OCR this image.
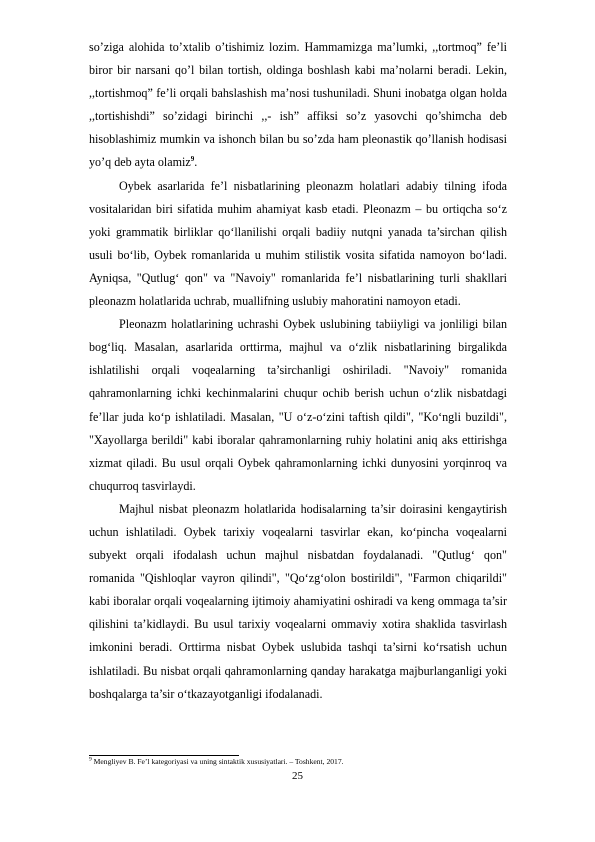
so’ziga alohida to’xtalib o’tishimiz lozim. Hammamizga ma’lumki, ,,tortmoq” fe’li biror bir narsani qo’l bilan tortish, oldinga boshlash kabi ma’nolarni beradi. Lekin, ,,tortishmoq” fe’li orqali bahslashish ma’nosi tushuniladi. Shuni inobatga olgan holda ,,tortishishdi” so’zidagi birinchi ,,- ish” affiksi so’z yasovchi qo’shimcha deb hisoblashimiz mumkin va ishonch bilan bu so’zda ham pleonastik qo’llanish hodisasi yo’q deb ayta olamiz$^9$.

Oybek asarlarida fe’l nisbatlarining pleonazm holatlari adabiy tilning ifoda vositalaridan biri sifatida muhim ahamiyat kasb etadi. Pleonazm – bu ortiqcha so‘z yoki grammatik birliklar qo‘llanilishi orqali badiiy nutqni yanada ta’sirchan qilish usuli bo‘lib, Oybek romanlarida u muhim stilistik vosita sifatida namoyon bo‘ladi. Ayniqsa, "Qutlug‘ qon" va "Navoiy" romanlarida fe’l nisbatlarining turli shakllari pleonazm holatlarida uchrab, muallifning uslubiy mahoratini namoyon etadi.

Pleonazm holatlarining uchrashi Oybek uslubining tabiiyligi va jonliligi bilan bog‘liq. Masalan, asarlarida orttirma, majhul va o‘zlik nisbatlarining birgalikda ishlatilishi orqali voqealarning ta’sirchanligi oshiriladi. "Navoiy" romanida qahramonlarning ichki kechinmalarini chuqur ochib berish uchun o‘zlik nisbatdagi fe’llar juda ko‘p ishlatiladi. Masalan, "U o‘z-o‘zini taftish qildi", "Ko‘ngli buzildi", "Xayollarga berildi" kabi iboralar qahramonlarning ruhiy holatini aniq aks ettirishga xizmat qiladi. Bu usul orqali Oybek qahramonlarning ichki dunyosini yorqinroq va chuqurroq tasvirlaydi.

Majhul nisbat pleonazm holatlarida hodisalarning ta’sir doirasini kengaytirish uchun ishlatiladi. Oybek tarixiy voqealarni tasvirlar ekan, ko‘pincha voqealarni subyekt orqali ifodalash uchun majhul nisbatdan foydalanadi. "Qutlug‘ qon" romanida "Qishloqlar vayron qilindi", "Qo‘zg‘olon bostirildi", "Farmon chiqarildi" kabi iboralar orqali voqealarning ijtimoiy ahamiyatini oshiradi va keng ommaga ta’sir qilishini ta’kidlaydi. Bu usul tarixiy voqealarni ommaviy xotira shaklida tasvirlash imkonini beradi. Orttirma nisbat Oybek uslubida tashqi ta’sirni ko‘rsatish uchun ishlatiladi. Bu nisbat orqali qahramonlarning qanday harakatga majburlanganligi yoki boshqalarga ta’sir o‘tkazayotganligi ifodalanadi.

$^9$ Mengliyev B. Fe’l kategoriyasi va uning sintaktik xususiyatlari. – Toshkent, 2017.
25
